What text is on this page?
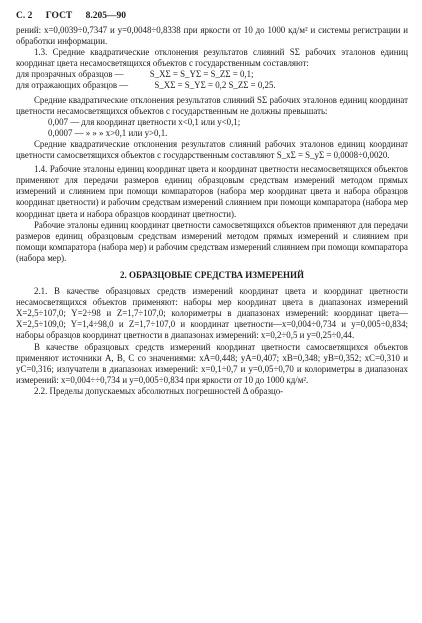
С. 2 ГОСТ 8.205—90

рений: x=0,0039÷0,7347 и y=0,0048÷0,8338 при яркости от 10 до 1000 кд/м² и системы регистрации и обработки информации.

1.3. Средние квадратические отклонения результатов слияний SΣ рабочих эталонов единиц координат цвета несамосветящихся объектов с государственным составляют:

для прозрачных образцов —	S_XΣ = S_YΣ = S_ZΣ = 0,1;

для отражающих образцов —	S_XΣ = S_YΣ = 0,2 S_ZΣ = 0,25.

Средние квадратические отклонения результатов слияний SΣ рабочих эталонов единиц координат цветности несамосветящихся объектов с государственным не должны превышать:

0,007 — для координат цветности x<0,1 или y<0,1;

0,0007 — » » » x>0,1 или y>0,1.

Средние квадратические отклонения результатов слияний рабочих эталонов единиц координат цветности самосветящихся объектов с государственным составляют S_xΣ = S_yΣ = 0,0008÷0,0020.

1.4. Рабочие эталоны единиц координат цвета и координат цветности несамосветящихся объектов применяют для передачи размеров единиц образцовым средствам измерений методом прямых измерений и слиянием при помощи компараторов (набора мер координат цвета и набора образцов координат цветности) и рабочим средствам измерений слиянием при помощи компаратора (набора мер координат цвета и набора образцов координат цветности).

Рабочие эталоны единиц координат цветности самосветящихся объектов применяют для передачи размеров единиц образцовым средствам измерений методом прямых измерений и слиянием при помощи компаратора (набора мер) и рабочим средствам измерений слиянием при помощи компаратора (набора мер).

2. ОБРАЗЦОВЫЕ СРЕДСТВА ИЗМЕРЕНИЙ

2.1. В качестве образцовых средств измерений координат цвета и координат цветности несамосветящихся объектов применяют: наборы мер координат цвета в диапазонах измерений X=2,5÷107,0; Y=2÷98 и Z=1,7÷107,0; колориметры в диапазонах измерений: координат цвета—X=2,5÷109,0; Y=1,4÷98,0 и Z=1,7÷107,0 и координат цветности—x=0,004÷0,734 и y=0,005÷0,834; наборы образцов координат цветности в диапазонах измерений: x=0,2÷0,5 и y=0,25÷0,44.

В качестве образцовых средств измерений координат цветности самосветящихся объектов применяют источники A, B, C со значениями: xA=0,448; yA=0,407; xB=0,348; yB=0,352; xC=0,310 и yC=0,316; излучатели в диапазонах измерений: x=0,1÷0,7 и y=0,05÷0,70 и колориметры в диапазонах измерений: x=0,004÷÷0,734 и y=0,005÷0,834 при яркости от 10 до 1000 кд/м².

2.2. Пределы допускаемых абсолютных погрешностей Δ образцо-
